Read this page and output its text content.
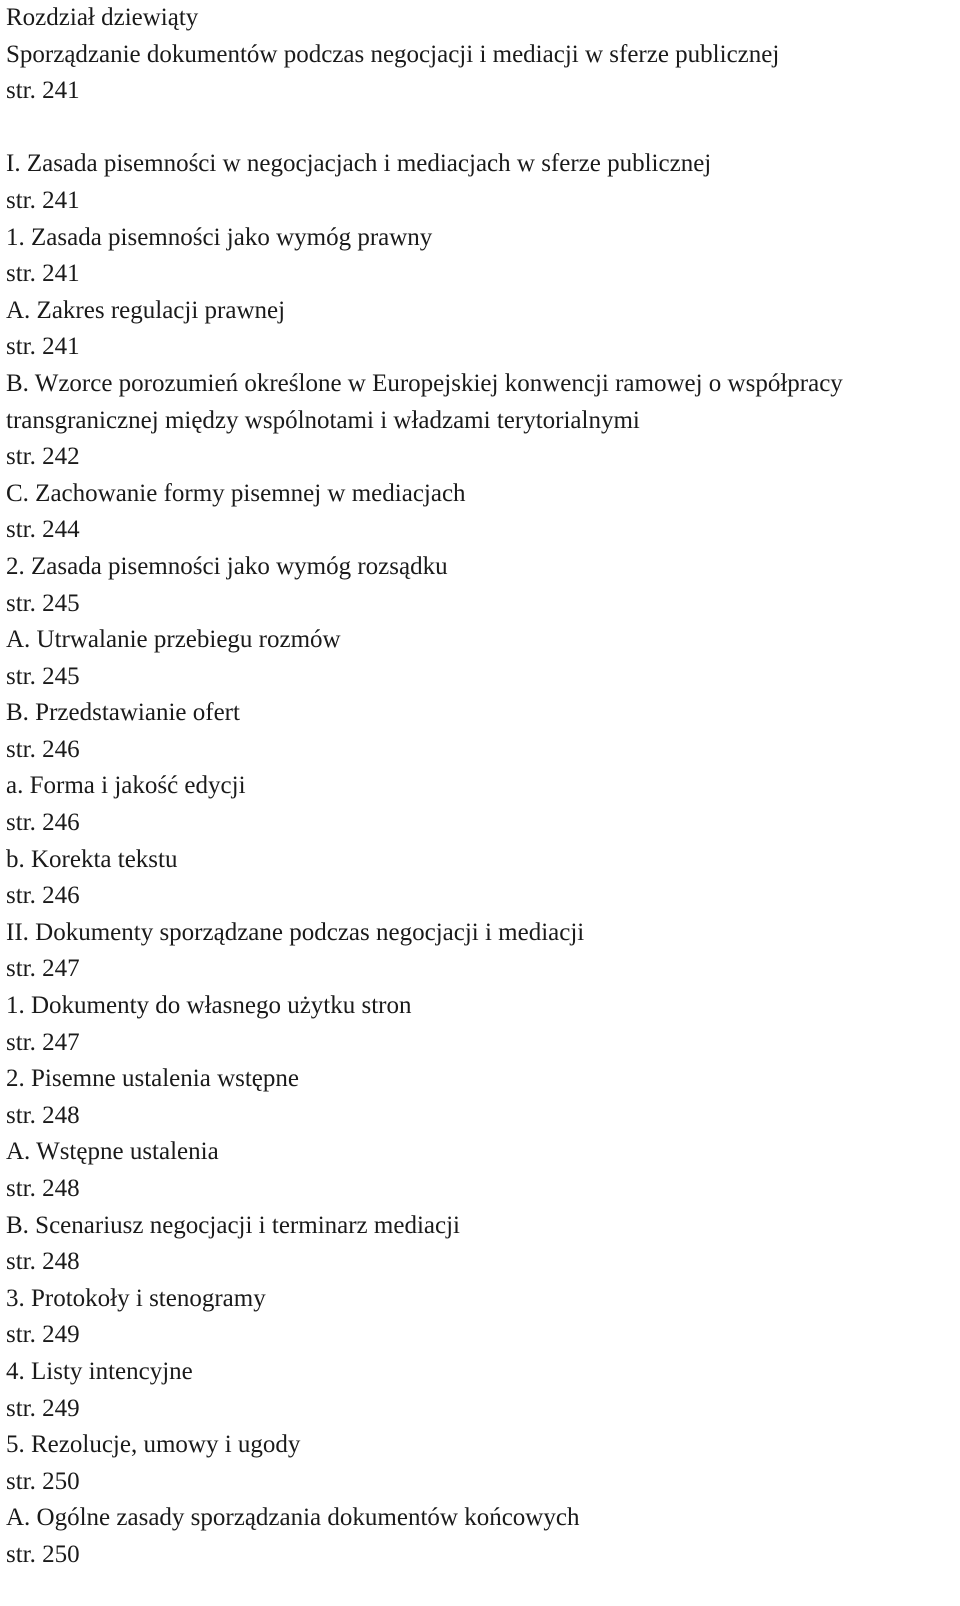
Rozdział dziewiąty

Sporządzanie dokumentów podczas negocjacji i mediacji w sferze publicznej

str. 241

I. Zasada pisemności w negocjacjach i mediacjach w sferze publicznej

str. 241

1. Zasada pisemności jako wymóg prawny

str. 241

A. Zakres regulacji prawnej

str. 241

B. Wzorce porozumień określone w Europejskiej konwencji ramowej o współpracy transgranicznej między wspólnotami i władzami terytorialnymi

str. 242

C. Zachowanie formy pisemnej w mediacjach

str. 244

2. Zasada pisemności jako wymóg rozsądku

str. 245

A. Utrwalanie przebiegu rozmów

str. 245

B. Przedstawianie ofert

str. 246

a. Forma i jakość edycji

str. 246

b. Korekta tekstu

str. 246

II. Dokumenty sporządzane podczas negocjacji i mediacji

str. 247

1. Dokumenty do własnego użytku stron

str. 247

2. Pisemne ustalenia wstępne

str. 248

A. Wstępne ustalenia

str. 248

B. Scenariusz negocjacji i terminarz mediacji

str. 248

3. Protokoły i stenogramy

str. 249

4. Listy intencyjne

str. 249

5. Rezolucje, umowy i ugody

str. 250

A. Ogólne zasady sporządzania dokumentów końcowych

str. 250
